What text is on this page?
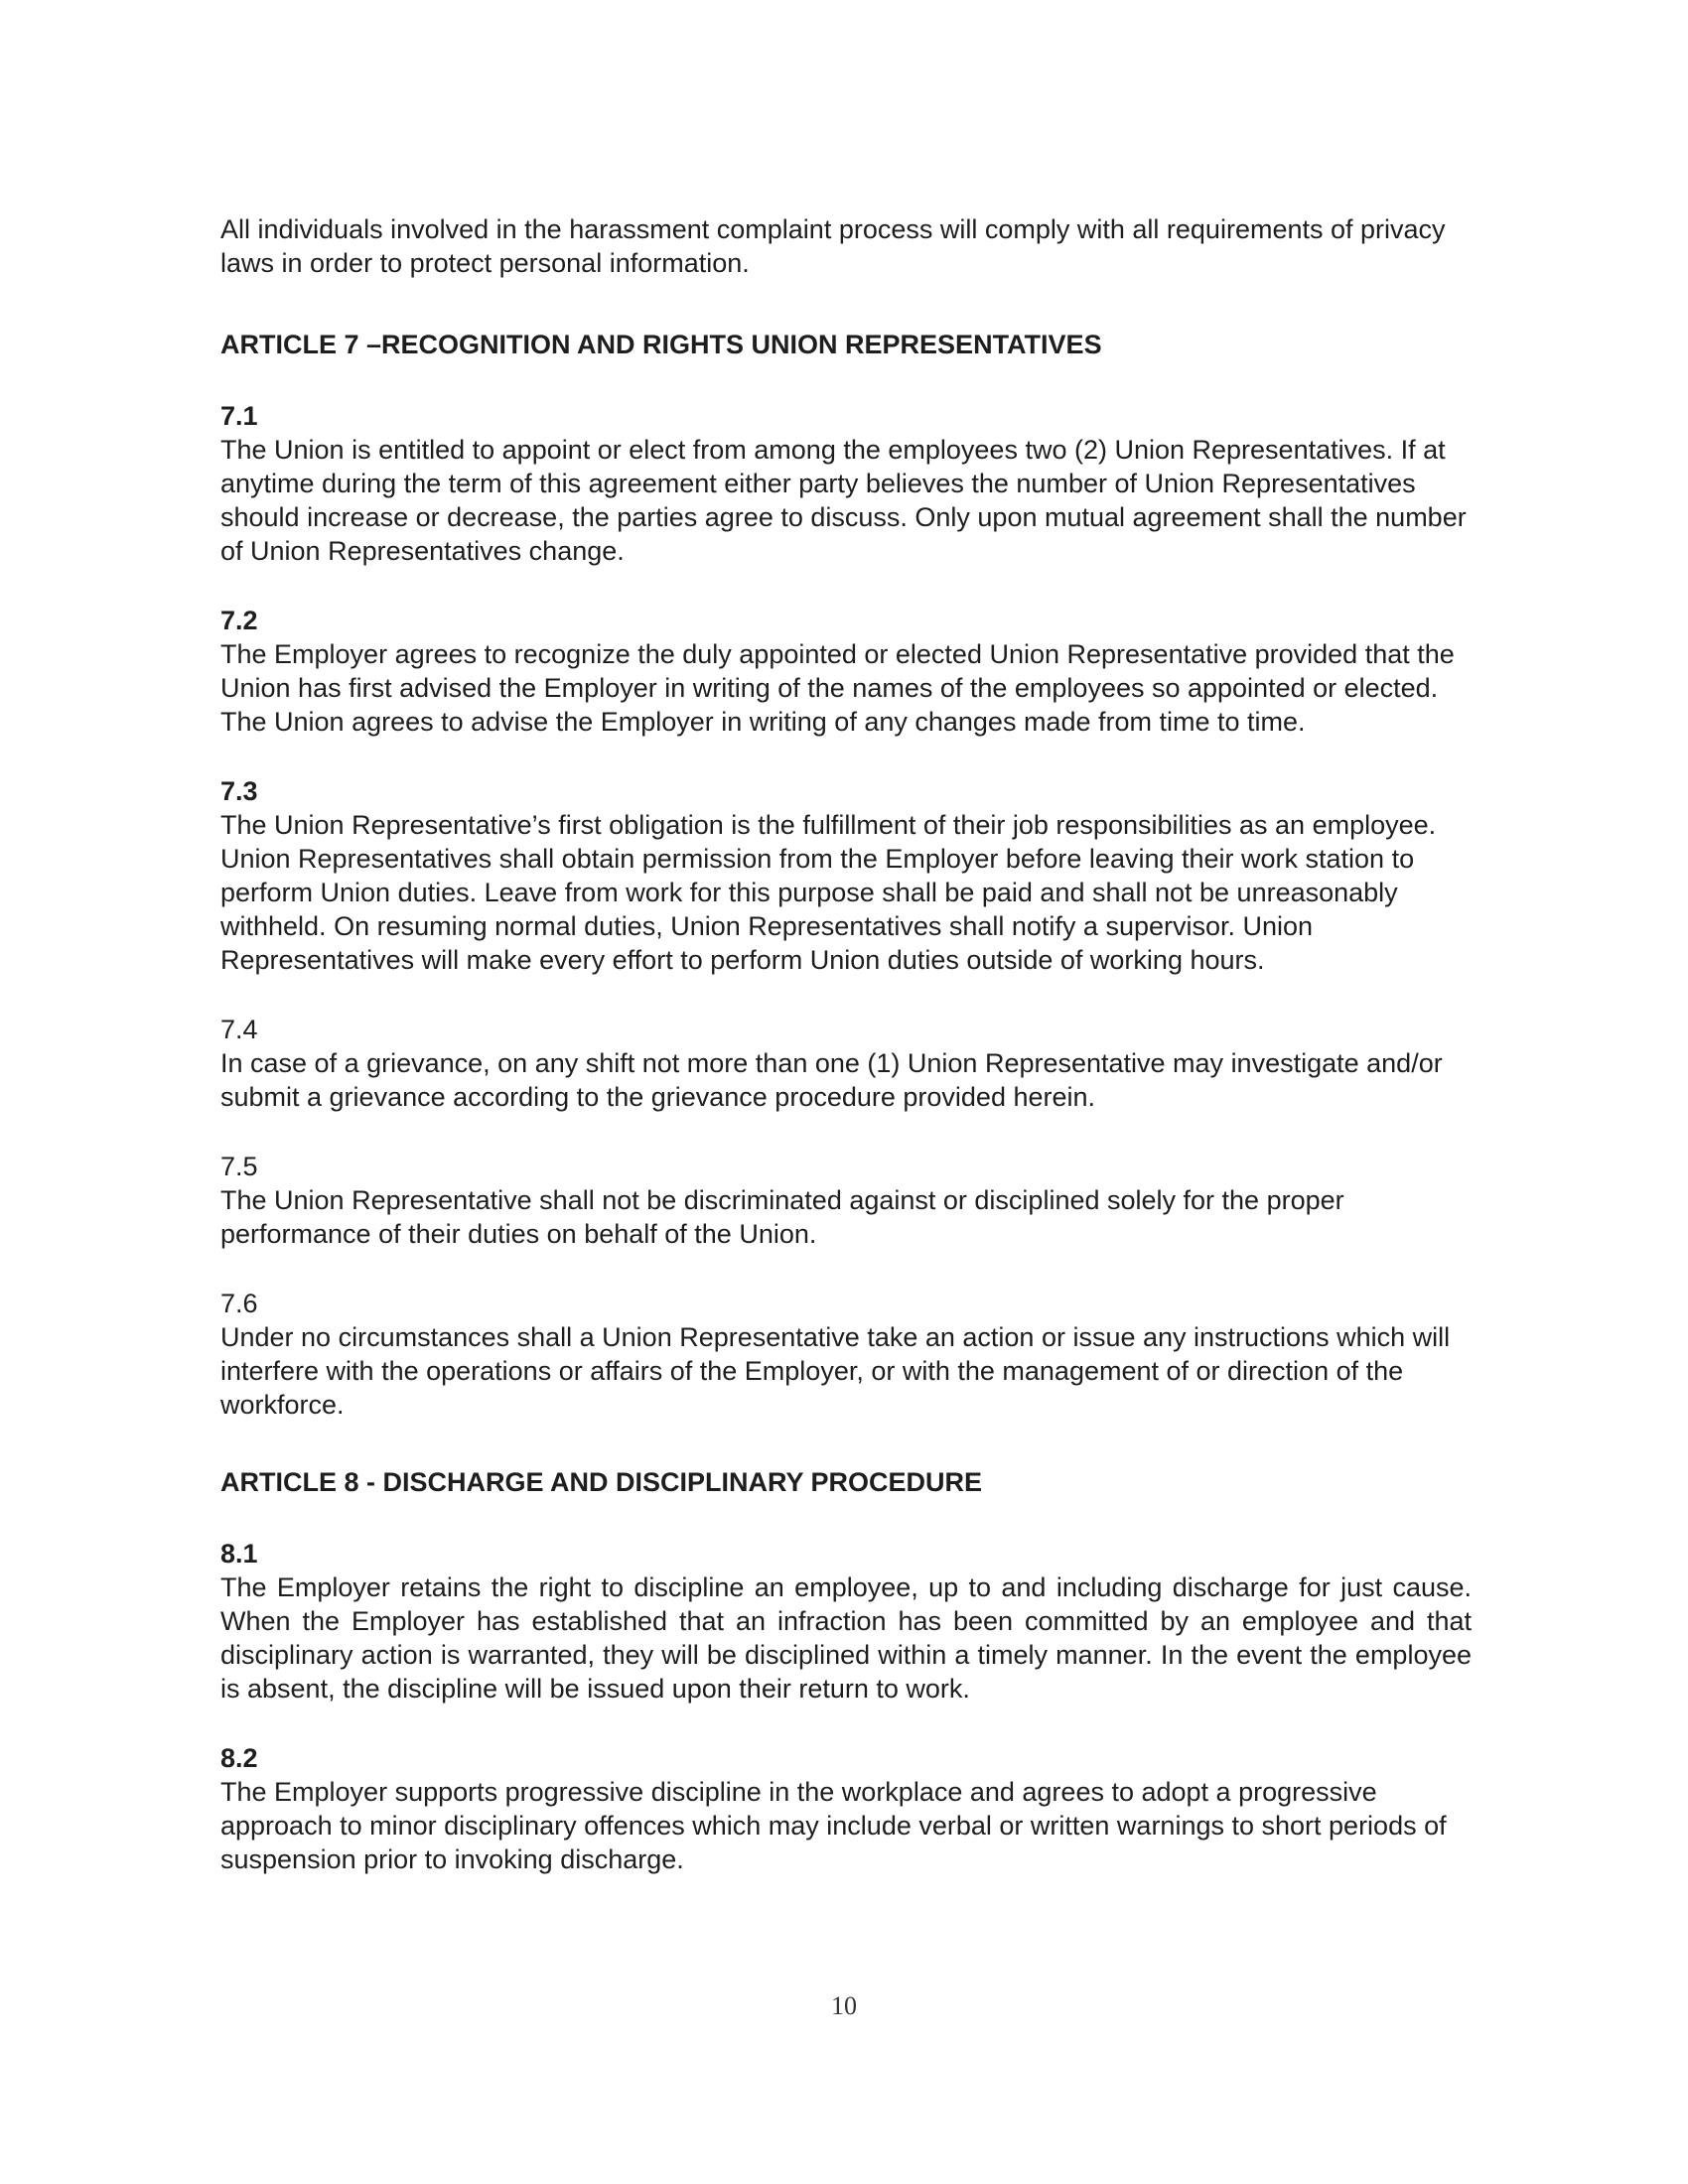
All individuals involved in the harassment complaint process will comply with all requirements of privacy laws in order to protect personal information.

ARTICLE 7 –RECOGNITION AND RIGHTS UNION REPRESENTATIVES

7.1

The Union is entitled to appoint or elect from among the employees two (2) Union Representatives. If at anytime during the term of this agreement either party believes the number of Union Representatives should increase or decrease, the parties agree to discuss. Only upon mutual agreement shall the number of Union Representatives change.

7.2

The Employer agrees to recognize the duly appointed or elected Union Representative provided that the Union has first advised the Employer in writing of the names of the employees so appointed or elected. The Union agrees to advise the Employer in writing of any changes made from time to time.

7.3

The Union Representative’s first obligation is the fulfillment of their job responsibilities as an employee. Union Representatives shall obtain permission from the Employer before leaving their work station to perform Union duties. Leave from work for this purpose shall be paid and shall not be unreasonably withheld. On resuming normal duties, Union Representatives shall notify a supervisor. Union Representatives will make every effort to perform Union duties outside of working hours.

7.4

In case of a grievance, on any shift not more than one (1) Union Representative may investigate and/or submit a grievance according to the grievance procedure provided herein.

7.5

The Union Representative shall not be discriminated against or disciplined solely for the proper performance of their duties on behalf of the Union.

7.6

Under no circumstances shall a Union Representative take an action or issue any instructions which will interfere with the operations or affairs of the Employer, or with the management of or direction of the workforce.

ARTICLE 8 - DISCHARGE AND DISCIPLINARY PROCEDURE

8.1

The Employer retains the right to discipline an employee, up to and including discharge for just cause. When the Employer has established that an infraction has been committed by an employee and that disciplinary action is warranted, they will be disciplined within a timely manner. In the event the employee is absent, the discipline will be issued upon their return to work.

8.2

The Employer supports progressive discipline in the workplace and agrees to adopt a progressive approach to minor disciplinary offences which may include verbal or written warnings to short periods of suspension prior to invoking discharge.

10
